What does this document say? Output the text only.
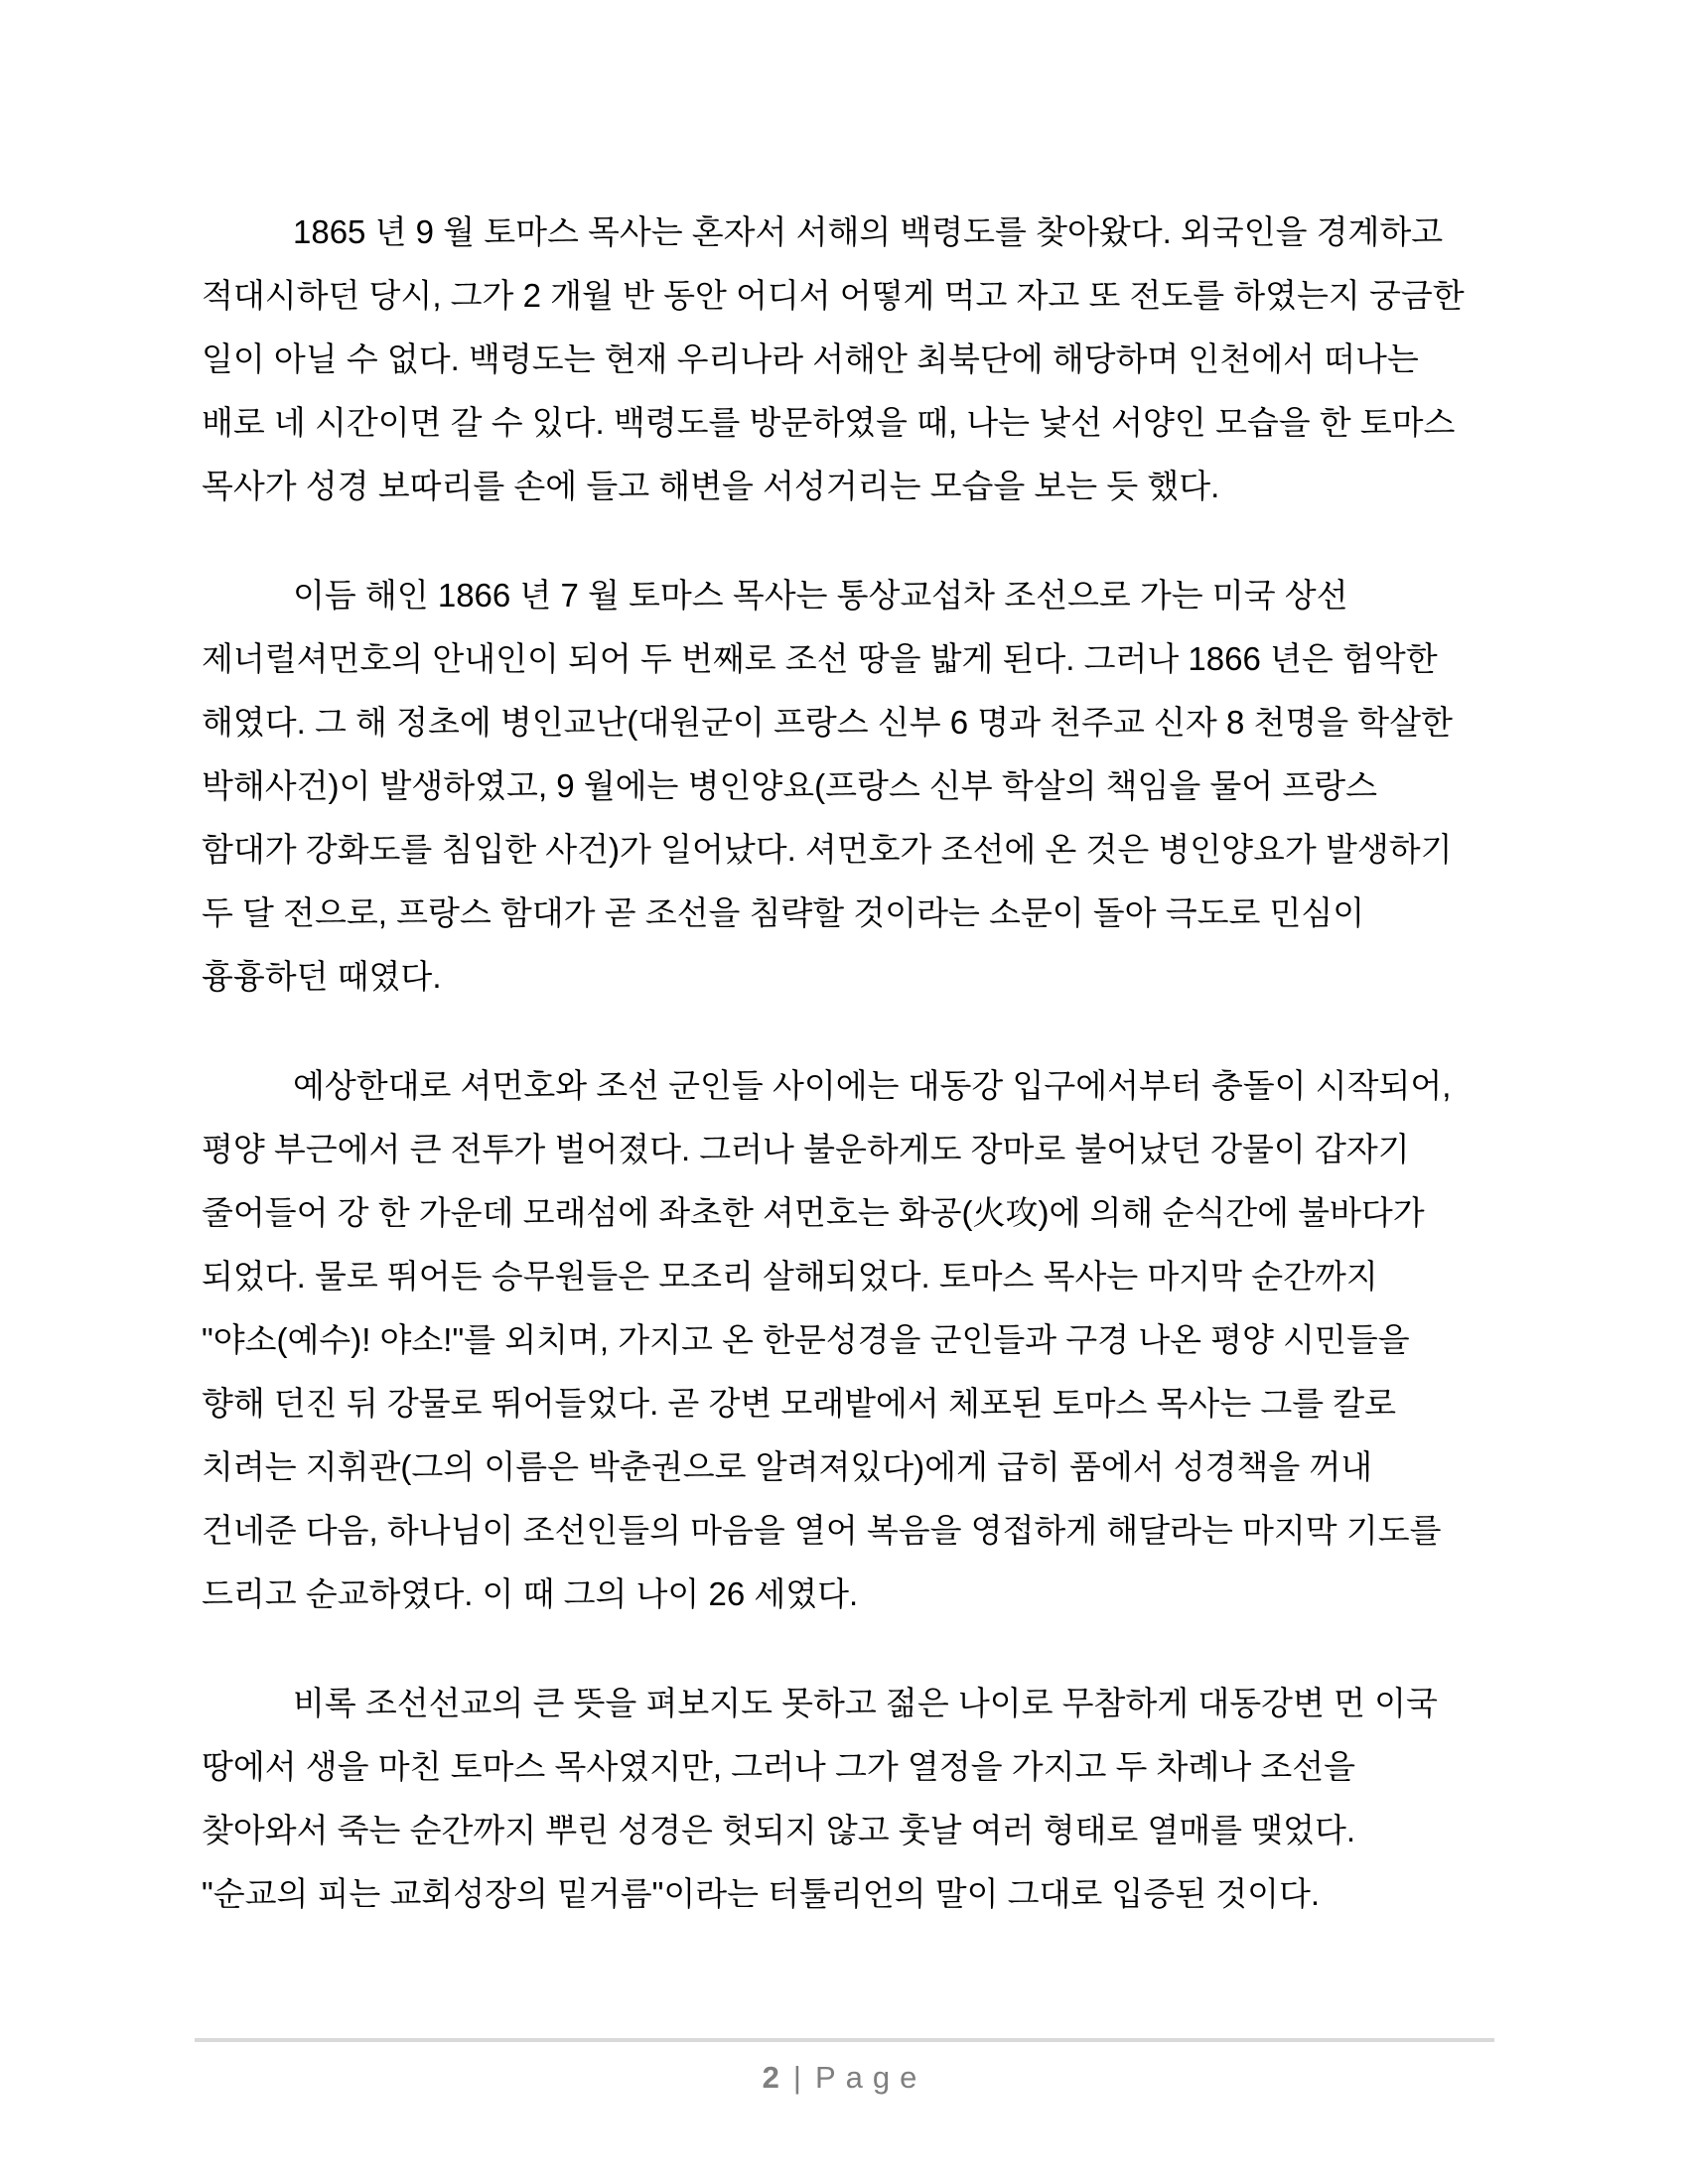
1865 년 9 월 토마스 목사는 혼자서 서해의 백령도를 찾아왔다. 외국인을 경계하고
적대시하던 당시, 그가 2 개월 반 동안 어디서 어떻게 먹고 자고 또 전도를 하였는지 궁금한
일이 아닐 수 없다. 백령도는 현재 우리나라 서해안 최북단에 해당하며 인천에서 떠나는
배로 네 시간이면 갈 수 있다. 백령도를 방문하였을 때, 나는 낯선 서양인 모습을 한 토마스
목사가 성경 보따리를 손에 들고 해변을 서성거리는 모습을 보는 듯 했다.

이듬 해인 1866 년 7 월 토마스 목사는 통상교섭차 조선으로 가는 미국 상선
제너럴셔먼호의 안내인이 되어 두 번째로 조선 땅을 밟게 된다. 그러나 1866 년은 험악한
해였다. 그 해 정초에 병인교난(대원군이 프랑스 신부 6 명과 천주교 신자 8 천명을 학살한
박해사건)이 발생하였고, 9 월에는 병인양요(프랑스 신부 학살의 책임을 물어 프랑스
함대가 강화도를 침입한 사건)가 일어났다. 셔먼호가 조선에 온 것은 병인양요가 발생하기
두 달 전으로, 프랑스 함대가 곧 조선을 침략할 것이라는 소문이 돌아 극도로 민심이
흉흉하던 때였다.

예상한대로 셔먼호와 조선 군인들 사이에는 대동강 입구에서부터 충돌이 시작되어,
평양 부근에서 큰 전투가 벌어졌다. 그러나 불운하게도 장마로 불어났던 강물이 갑자기
줄어들어 강 한 가운데 모래섬에 좌초한 셔먼호는 화공(火攻)에 의해 순식간에 불바다가
되었다. 물로 뛰어든 승무원들은 모조리 살해되었다. 토마스 목사는 마지막 순간까지
"야소(예수)! 야소!"를 외치며, 가지고 온 한문성경을 군인들과 구경 나온 평양 시민들을
향해 던진 뒤 강물로 뛰어들었다. 곧 강변 모래밭에서 체포된 토마스 목사는 그를 칼로
치려는 지휘관(그의 이름은 박춘권으로 알려져있다)에게 급히 품에서 성경책을 꺼내
건네준 다음, 하나님이 조선인들의 마음을 열어 복음을 영접하게 해달라는 마지막 기도를
드리고 순교하였다. 이 때 그의 나이 26 세였다.

비록 조선선교의 큰 뜻을 펴보지도 못하고 젊은 나이로 무참하게 대동강변 먼 이국
땅에서 생을 마친 토마스 목사였지만, 그러나 그가 열정을 가지고 두 차례나 조선을
찾아와서 죽는 순간까지 뿌린 성경은 헛되지 않고 훗날 여러 형태로 열매를 맺었다.
"순교의 피는 교회성장의 밑거름"이라는 터툴리언의 말이 그대로 입증된 것이다.

2 | Page
